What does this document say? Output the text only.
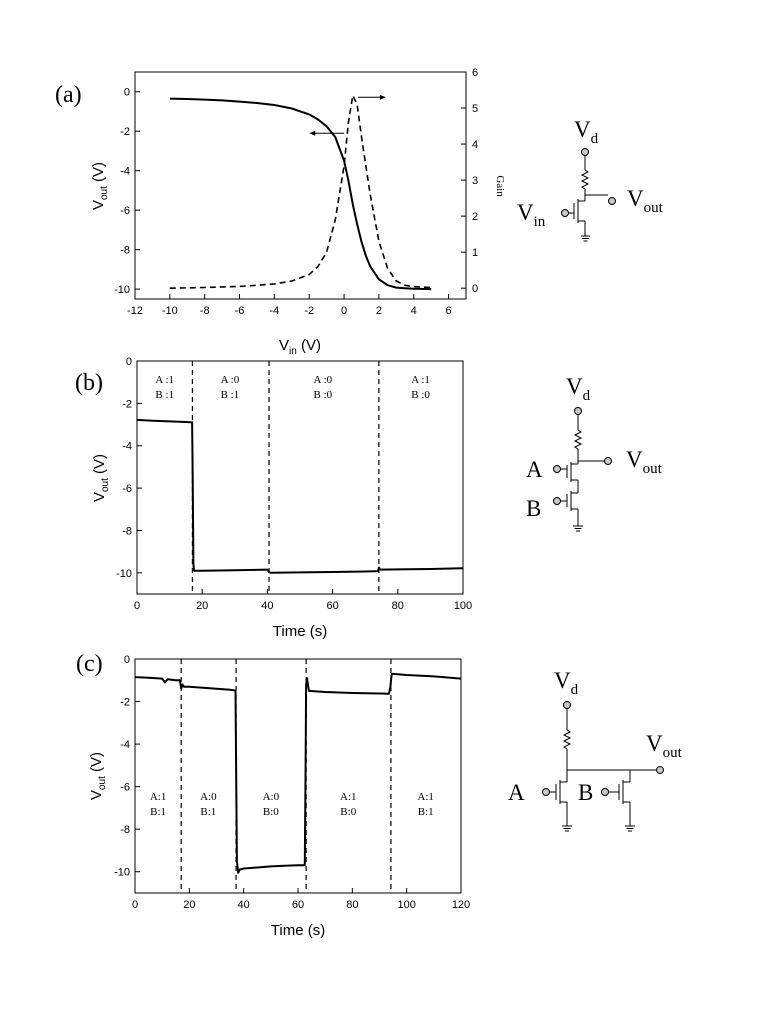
(a)
-12 -10 -8 -6 -4 -2 0	2	4	6
0
-2
-4
-6
-8
-10	0
1
2
3
4
5
6
$V_{in}$ (V)
$V_{out}$ (V)
Gain
$V_d$
$V_{in}$
$V_{out}$
(b)
0	20	40	60	80	100
0
-2
-4
-6
-8
-10
A :1
B :1
A :0
B :1
A :0
B :0
A :1
B :0
Time (s)
$V_{out}$ (V)
$V_d$
A
B
$V_{out}$
(c)
0	20	40	60	80	100	120
0
-2
-4
-6
-8
-10
A:1
B:1
A:0
B:1
A:0
B:0
A:1
B:0
A:1
B:1
Time (s)
$V_{out}$ (V)
$V_d$
$V_{out}$
A B
